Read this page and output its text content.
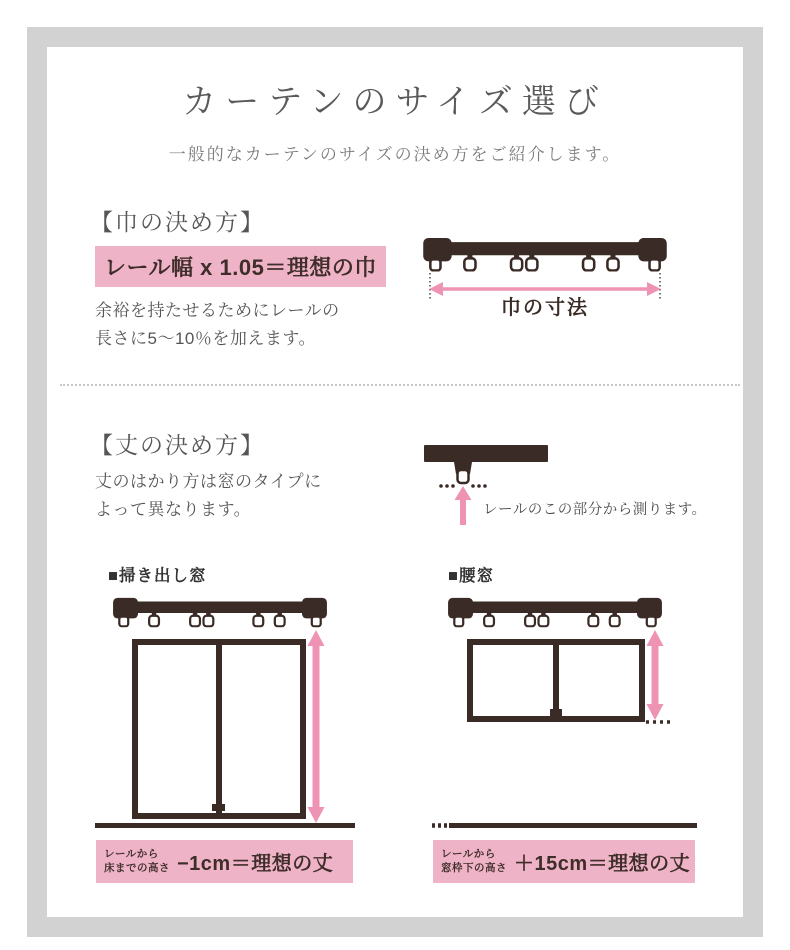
カーテンのサイズ選び
一般的なカーテンのサイズの決め方をご紹介します。
【巾の決め方】
レール幅 x 1.05＝理想の巾
余裕を持たせるためにレールの
長さに5〜10％を加えます。
巾の寸法
【丈の決め方】
丈のはかり方は窓のタイプに
よって異なります。	レールのこの部分から測ります。
■掃き出し窓
レールから
床までの高さ −1cm＝理想の丈
■腰窓
レールから
窓枠下の高さ ＋15cm＝理想の丈
